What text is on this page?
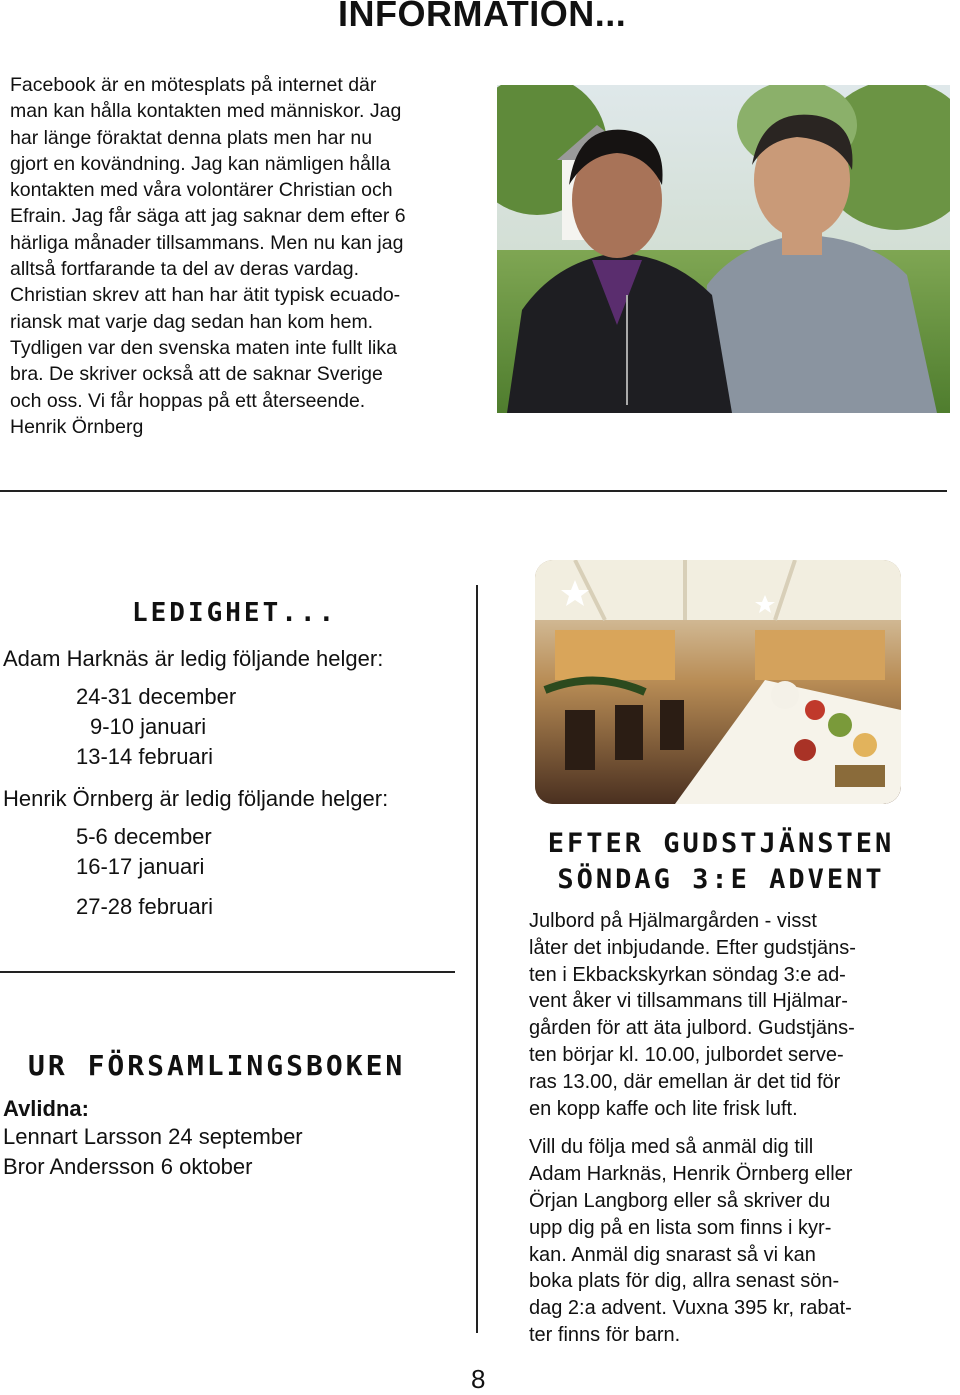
INFORMATION...

Facebook är en mötesplats på internet där

man kan hålla kontakten med människor. Jag

har länge föraktat denna plats men har nu

gjort en kovändning. Jag kan nämligen hålla

kontakten med våra volontärer Christian och

Efrain. Jag får säga att jag saknar dem efter 6

härliga månader tillsammans. Men nu kan jag

alltså fortfarande ta del av deras vardag.

Christian skrev att han har ätit typisk ecuado-

riansk mat varje dag sedan han kom hem.

Tydligen var den svenska maten inte fullt lika

bra. De skriver också att de saknar Sverige

och oss. Vi får hoppas på ett återseende.

Henrik Örnberg

LEDIGHET...

Adam Harknäs är ledig följande helger:

24-31 december

9-10 januari

13-14 februari

Henrik Örnberg är ledig följande helger:

5-6 december

16-17 januari

27-28 februari

UR FÖRSAMLINGSBOKEN

Avlidna:

Lennart Larsson 24 september

Bror Andersson 6 oktober

EFTER GUDSTJÄNSTEN
SÖNDAG 3:E ADVENT

Julbord på Hjälmargården - visst

låter det inbjudande. Efter gudstjäns-

ten i Ekbackskyrkan söndag 3:e ad-

vent åker vi tillsammans till Hjälmar-

gården för att äta julbord. Gudstjäns-

ten börjar kl. 10.00, julbordet serve-

ras 13.00, där emellan är det tid för

en kopp kaffe och lite frisk luft.

Vill du följa med så anmäl dig till

Adam Harknäs, Henrik Örnberg eller

Örjan Langborg eller så skriver du

upp dig på en lista som finns i kyr-

kan. Anmäl dig snarast så vi kan

boka plats för dig, allra senast sön-

dag 2:a advent. Vuxna 395 kr, rabat-

ter finns för barn.

8
